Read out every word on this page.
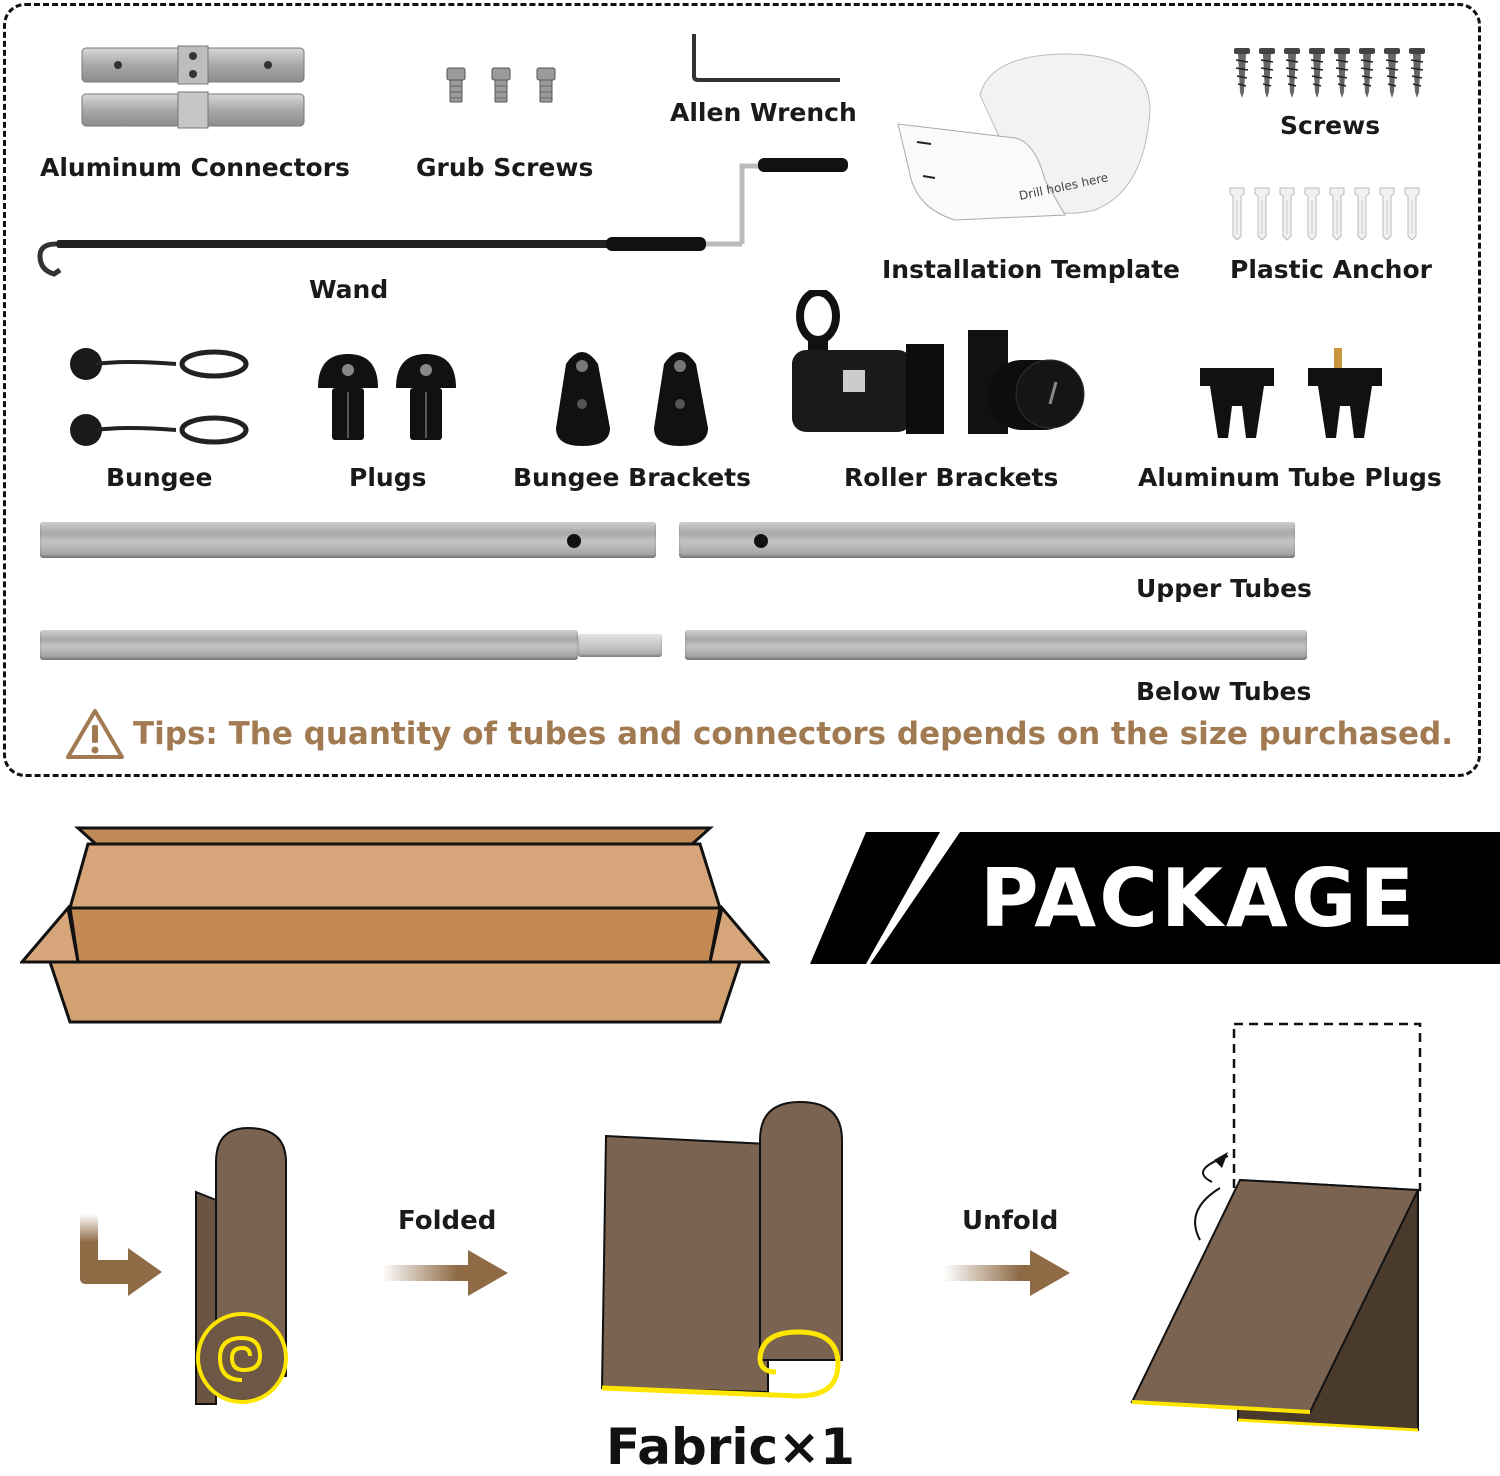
Aluminum Connectors	Grub Screws
Allen Wrench
Drill holes here
Installation Template
Screws
Plastic Anchor
Wand
Bungee	Plugs	Bungee Brackets	Roller Brackets	Aluminum Tube Plugs
Upper Tubes
Below Tubes
Tips: The quantity of tubes and connectors depends on the size purchased.
PACKAGE
Folded
Fabric×1
Unfold
